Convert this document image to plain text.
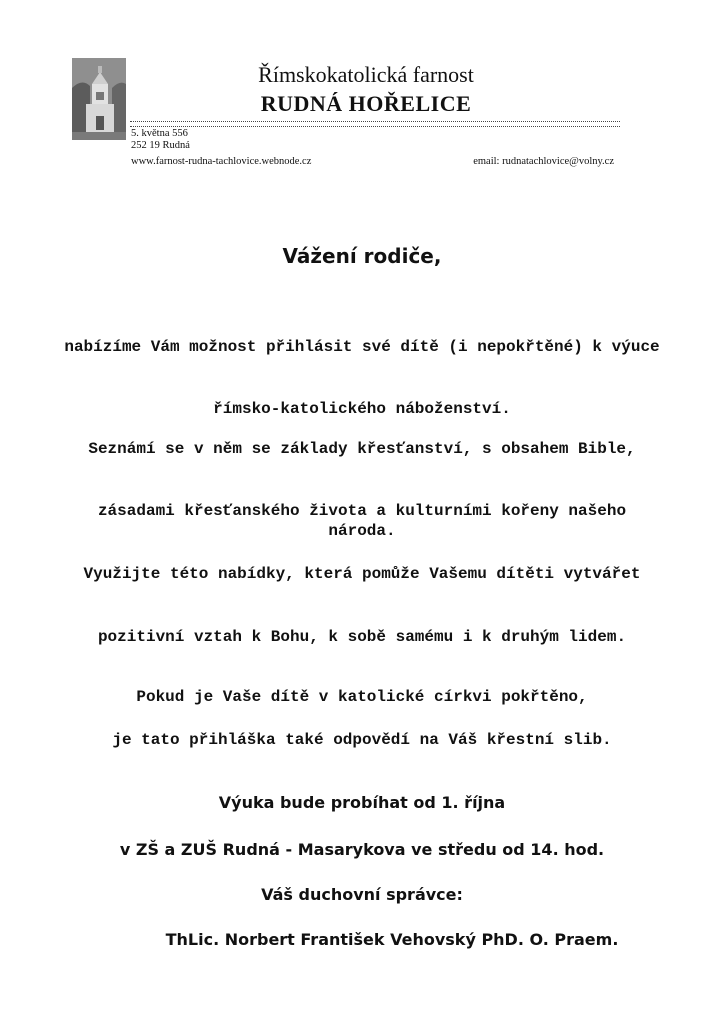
Římskokatolická farnost
RUDNÁ HOŘELICE
5. května 556
252 19 Rudná
www.farnost-rudna-tachlovice.webnode.cz	email: rudnatachlovice@volny.cz
Vážení rodiče,
nabízíme Vám možnost přihlásit své dítě (i nepokřtěné) k výuce
římsko-katolického náboženství.
Seznámí se v něm se základy křesťanství, s obsahem Bible,
zásadami křesťanského života a kulturními kořeny našeho národa.
Využijte této nabídky, která pomůže Vašemu dítěti vytvářet
pozitivní vztah k Bohu, k sobě samému i k druhým lidem.
Pokud je Vaše dítě v katolické církvi pokřtěno,
je tato přihláška také odpovědí na Váš křestní slib.
Výuka bude probíhat od 1. října
v ZŠ a ZUŠ Rudná - Masarykova ve středu od 14. hod.
Váš duchovní správce:
ThLic. Norbert František Vehovský PhD. O. Praem.
